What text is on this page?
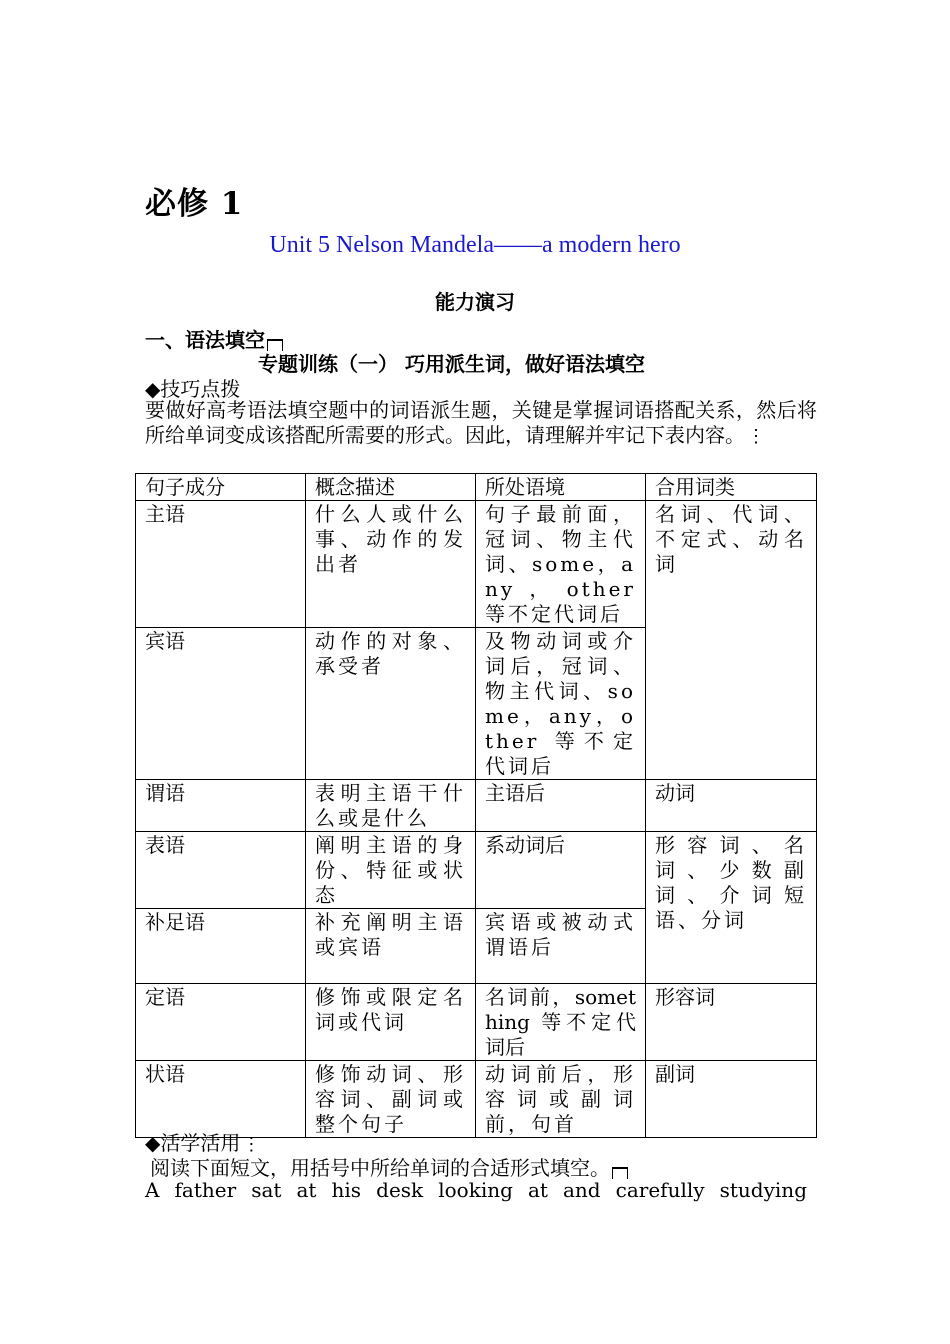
必修 1
Unit 5 Nelson Mandela——a modern hero
能力演习
一、语法填空
专题训练（一） 巧用派生词，做好语法填空
◆技巧点拨
要做好高考语法填空题中的词语派生题，关键是掌握词语搭配关系，然后将所给单词变成该搭配所需要的形式。因此，请理解并牢记下表内容。 ⋮
句子成分	概念描述	所处语境	合用词类
主语	什么人或什么事、动作的发出者	句子最前面，冠词、物主代词、some，any，other 等不定代词后	名词、代词、不定式、动名词
宾语	动作的对象、承受者	及物动词或介词后，冠词、物主代词、some，any，other 等不定代词后	
谓语	表明主语干什么或是什么	主语后	动词
表语	阐明主语的身份、特征或状态	系动词后	形容词、名词、少数副词、介词短语、分词
补足语	补充阐明主语或宾语	宾语或被动式谓语后	
定语	修饰或限定名词或代词	名词前，something 等不定代词后	形容词
状语	修饰动词、形容词、副词或整个句子	动词前后，形容词或副词前，句首	副词
◆活学活用 ⋮
阅读下面短文，用括号中所给单词的合适形式填空。
A father sat at his desk looking at and carefully studying
